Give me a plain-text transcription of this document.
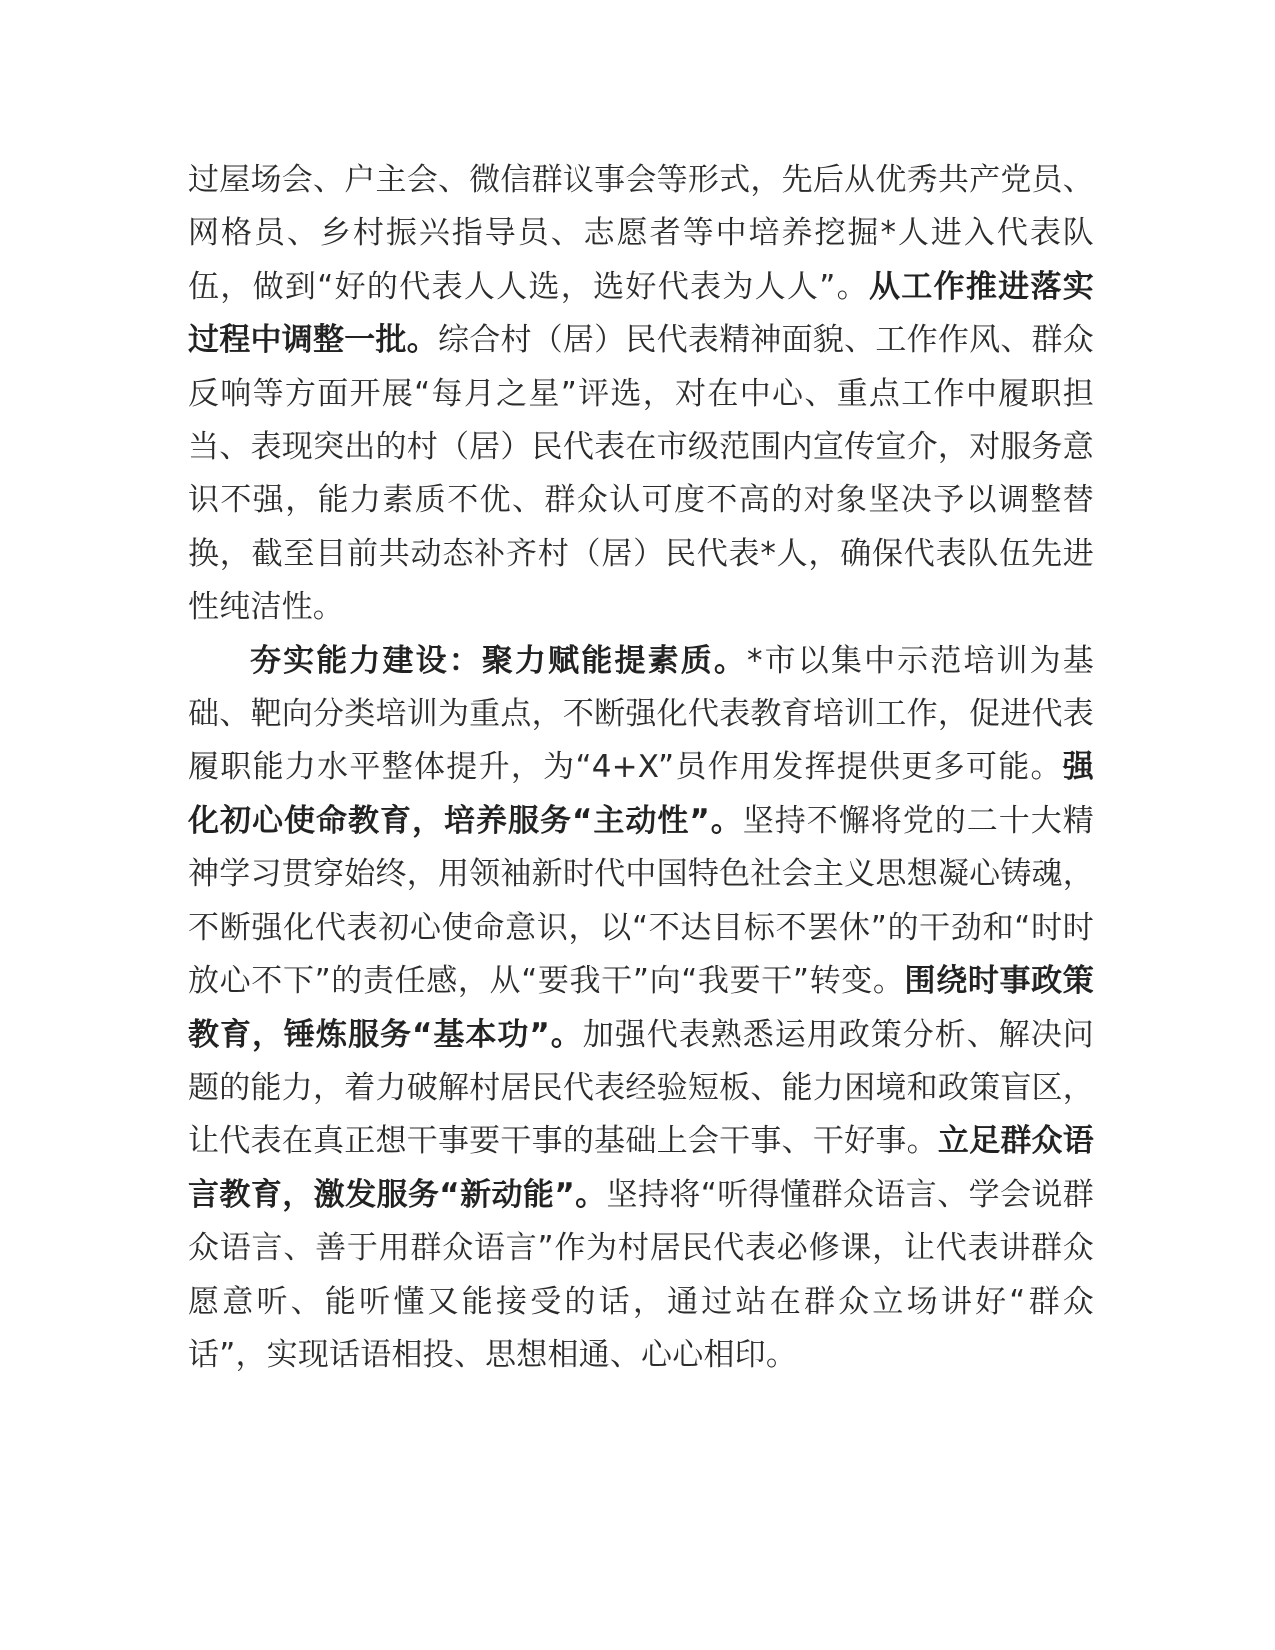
过屋场会、户主会、微信群议事会等形式，先后从优秀共产党员、网格员、乡村振兴指导员、志愿者等中培养挖掘*人进入代表队伍，做到“好的代表人人选，选好代表为人人”。从工作推进落实过程中调整一批。综合村（居）民代表精神面貌、工作作风、群众反响等方面开展“每月之星”评选，对在中心、重点工作中履职担当、表现突出的村（居）民代表在市级范围内宣传宣介，对服务意识不强，能力素质不优、群众认可度不高的对象坚决予以调整替换，截至目前共动态补齐村（居）民代表*人，确保代表队伍先进性纯洁性。

夯实能力建设：聚力赋能提素质。*市以集中示范培训为基础、靶向分类培训为重点，不断强化代表教育培训工作，促进代表履职能力水平整体提升，为“4+X”员作用发挥提供更多可能。强化初心使命教育，培养服务“主动性”。坚持不懈将党的二十大精神学习贯穿始终，用领袖新时代中国特色社会主义思想凝心铸魂，不断强化代表初心使命意识，以“不达目标不罢休”的干劲和“时时放心不下”的责任感，从“要我干”向“我要干”转变。围绕时事政策教育，锤炼服务“基本功”。加强代表熟悉运用政策分析、解决问题的能力，着力破解村居民代表经验短板、能力困境和政策盲区，让代表在真正想干事要干事的基础上会干事、干好事。立足群众语言教育，激发服务“新动能”。坚持将“听得懂群众语言、学会说群众语言、善于用群众语言”作为村居民代表必修课，让代表讲群众愿意听、能听懂又能接受的话，通过站在群众立场讲好“群众话”，实现话语相投、思想相通、心心相印。
